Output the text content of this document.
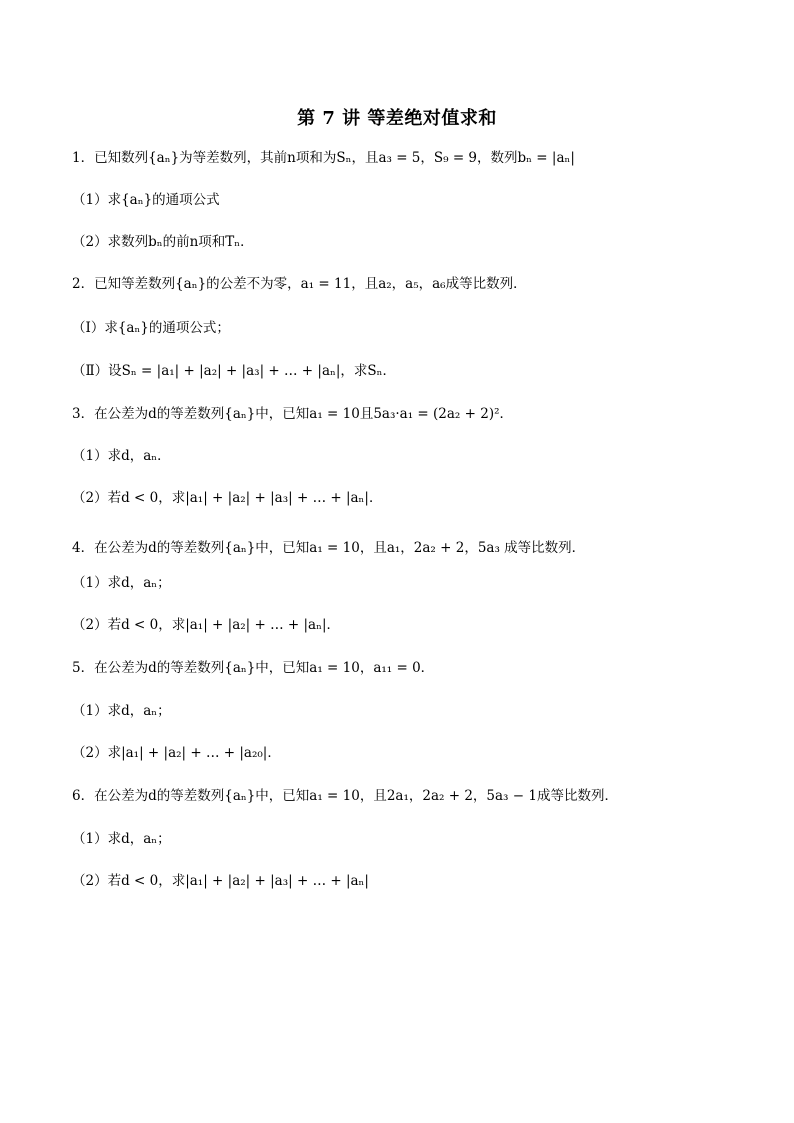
第 7 讲 等差绝对值求和
1．已知数列{aₙ}为等差数列，其前n项和为Sₙ，且a₃ = 5，S₉ = 9，数列bₙ = |aₙ|
（1）求{aₙ}的通项公式
（2）求数列bₙ的前n项和Tₙ．
2．已知等差数列{aₙ}的公差不为零，a₁ = 11，且a₂，a₅，a₆成等比数列．
（Ⅰ）求{aₙ}的通项公式；
（Ⅱ）设Sₙ = |a₁| + |a₂| + |a₃| + … + |aₙ|，求Sₙ．
3．在公差为d的等差数列{aₙ}中，已知a₁ = 10且5a₃·a₁ = (2a₂ + 2)²．
（1）求d，aₙ．
（2）若d < 0，求|a₁| + |a₂| + |a₃| + … + |aₙ|．
4．在公差为d的等差数列{aₙ}中，已知a₁ = 10，且a₁，2a₂ + 2，5a₃ 成等比数列．
（1）求d，aₙ；
（2）若d < 0，求|a₁| + |a₂| + … + |aₙ|．
5．在公差为d的等差数列{aₙ}中，已知a₁ = 10，a₁₁ = 0．
（1）求d，aₙ；
（2）求|a₁| + |a₂| + … + |a₂₀|．
6．在公差为d的等差数列{aₙ}中，已知a₁ = 10，且2a₁，2a₂ + 2，5a₃ − 1成等比数列．
（1）求d，aₙ；
（2）若d < 0，求|a₁| + |a₂| + |a₃| + … + |aₙ|
